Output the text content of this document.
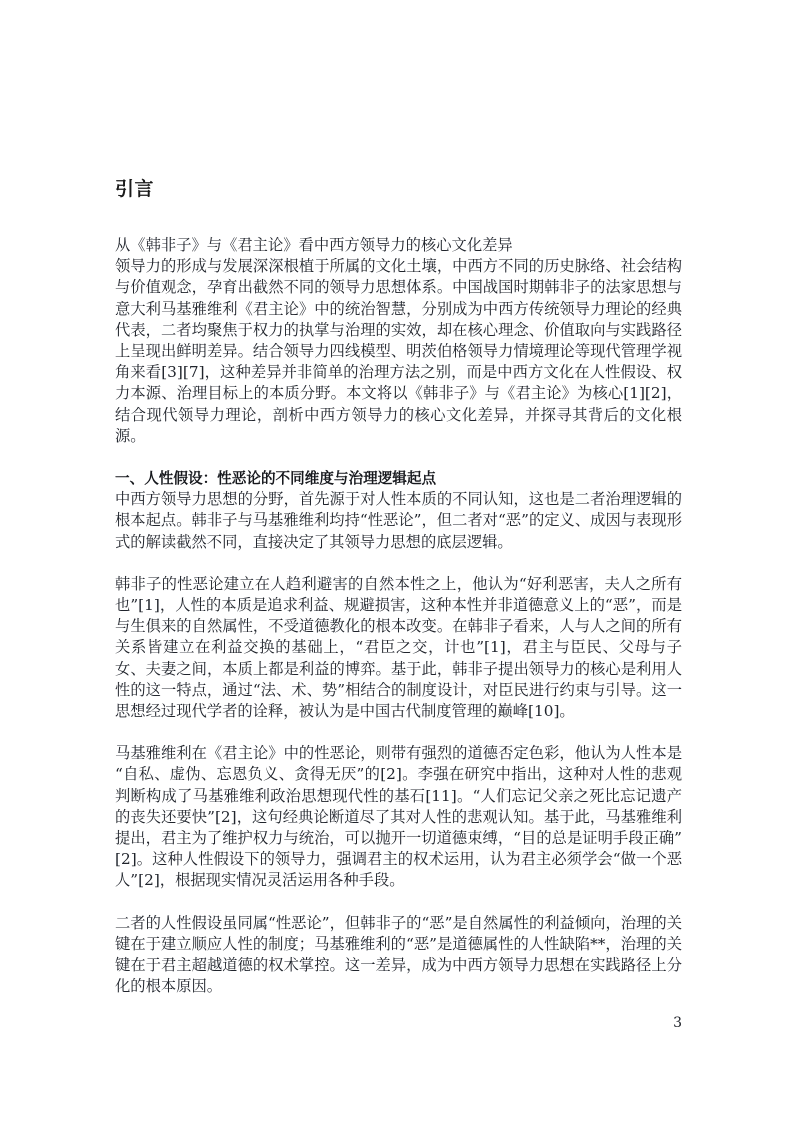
引言

从《韩非子》与《君主论》看中西方领导力的核心文化差异

领导力的形成与发展深深根植于所属的文化土壤，中西方不同的历史脉络、社会结构与价值观念，孕育出截然不同的领导力思想体系。中国战国时期韩非子的法家思想与意大利马基雅维利《君主论》中的统治智慧，分别成为中西方传统领导力理论的经典代表，二者均聚焦于权力的执掌与治理的实效，却在核心理念、价值取向与实践路径上呈现出鲜明差异。结合领导力四线模型、明茨伯格领导力情境理论等现代管理学视角来看[3][7]，这种差异并非简单的治理方法之别，而是中西方文化在人性假设、权力本源、治理目标上的本质分野。本文将以《韩非子》与《君主论》为核心[1][2]，结合现代领导力理论，剖析中西方领导力的核心文化差异，并探寻其背后的文化根源。

一、人性假设：性恶论的不同维度与治理逻辑起点

中西方领导力思想的分野，首先源于对人性本质的不同认知，这也是二者治理逻辑的根本起点。韩非子与马基雅维利均持“性恶论”，但二者对“恶”的定义、成因与表现形式的解读截然不同，直接决定了其领导力思想的底层逻辑。

韩非子的性恶论建立在人趋利避害的自然本性之上，他认为“好利恶害，夫人之所有也”[1]，人性的本质是追求利益、规避损害，这种本性并非道德意义上的“恶”，而是与生俱来的自然属性，不受道德教化的根本改变。在韩非子看来，人与人之间的所有关系皆建立在利益交换的基础上，“君臣之交，计也”[1]，君主与臣民、父母与子女、夫妻之间，本质上都是利益的博弈。基于此，韩非子提出领导力的核心是利用人性的这一特点，通过“法、术、势”相结合的制度设计，对臣民进行约束与引导。这一思想经过现代学者的诠释，被认为是中国古代制度管理的巅峰[10]。

马基雅维利在《君主论》中的性恶论，则带有强烈的道德否定色彩，他认为人性本是“自私、虚伪、忘恩负义、贪得无厌”的[2]。李强在研究中指出，这种对人性的悲观判断构成了马基雅维利政治思想现代性的基石[11]。“人们忘记父亲之死比忘记遗产的丧失还要快”[2]，这句经典论断道尽了其对人性的悲观认知。基于此，马基雅维利提出，君主为了维护权力与统治，可以抛开一切道德束缚，“目的总是证明手段正确”[2]。这种人性假设下的领导力，强调君主的权术运用，认为君主必须学会“做一个恶人”[2]，根据现实情况灵活运用各种手段。

二者的人性假设虽同属“性恶论”，但韩非子的“恶”是自然属性的利益倾向，治理的关键在于建立顺应人性的制度；马基雅维利的“恶”是道德属性的人性缺陷**，治理的关键在于君主超越道德的权术掌控。这一差异，成为中西方领导力思想在实践路径上分化的根本原因。

3
